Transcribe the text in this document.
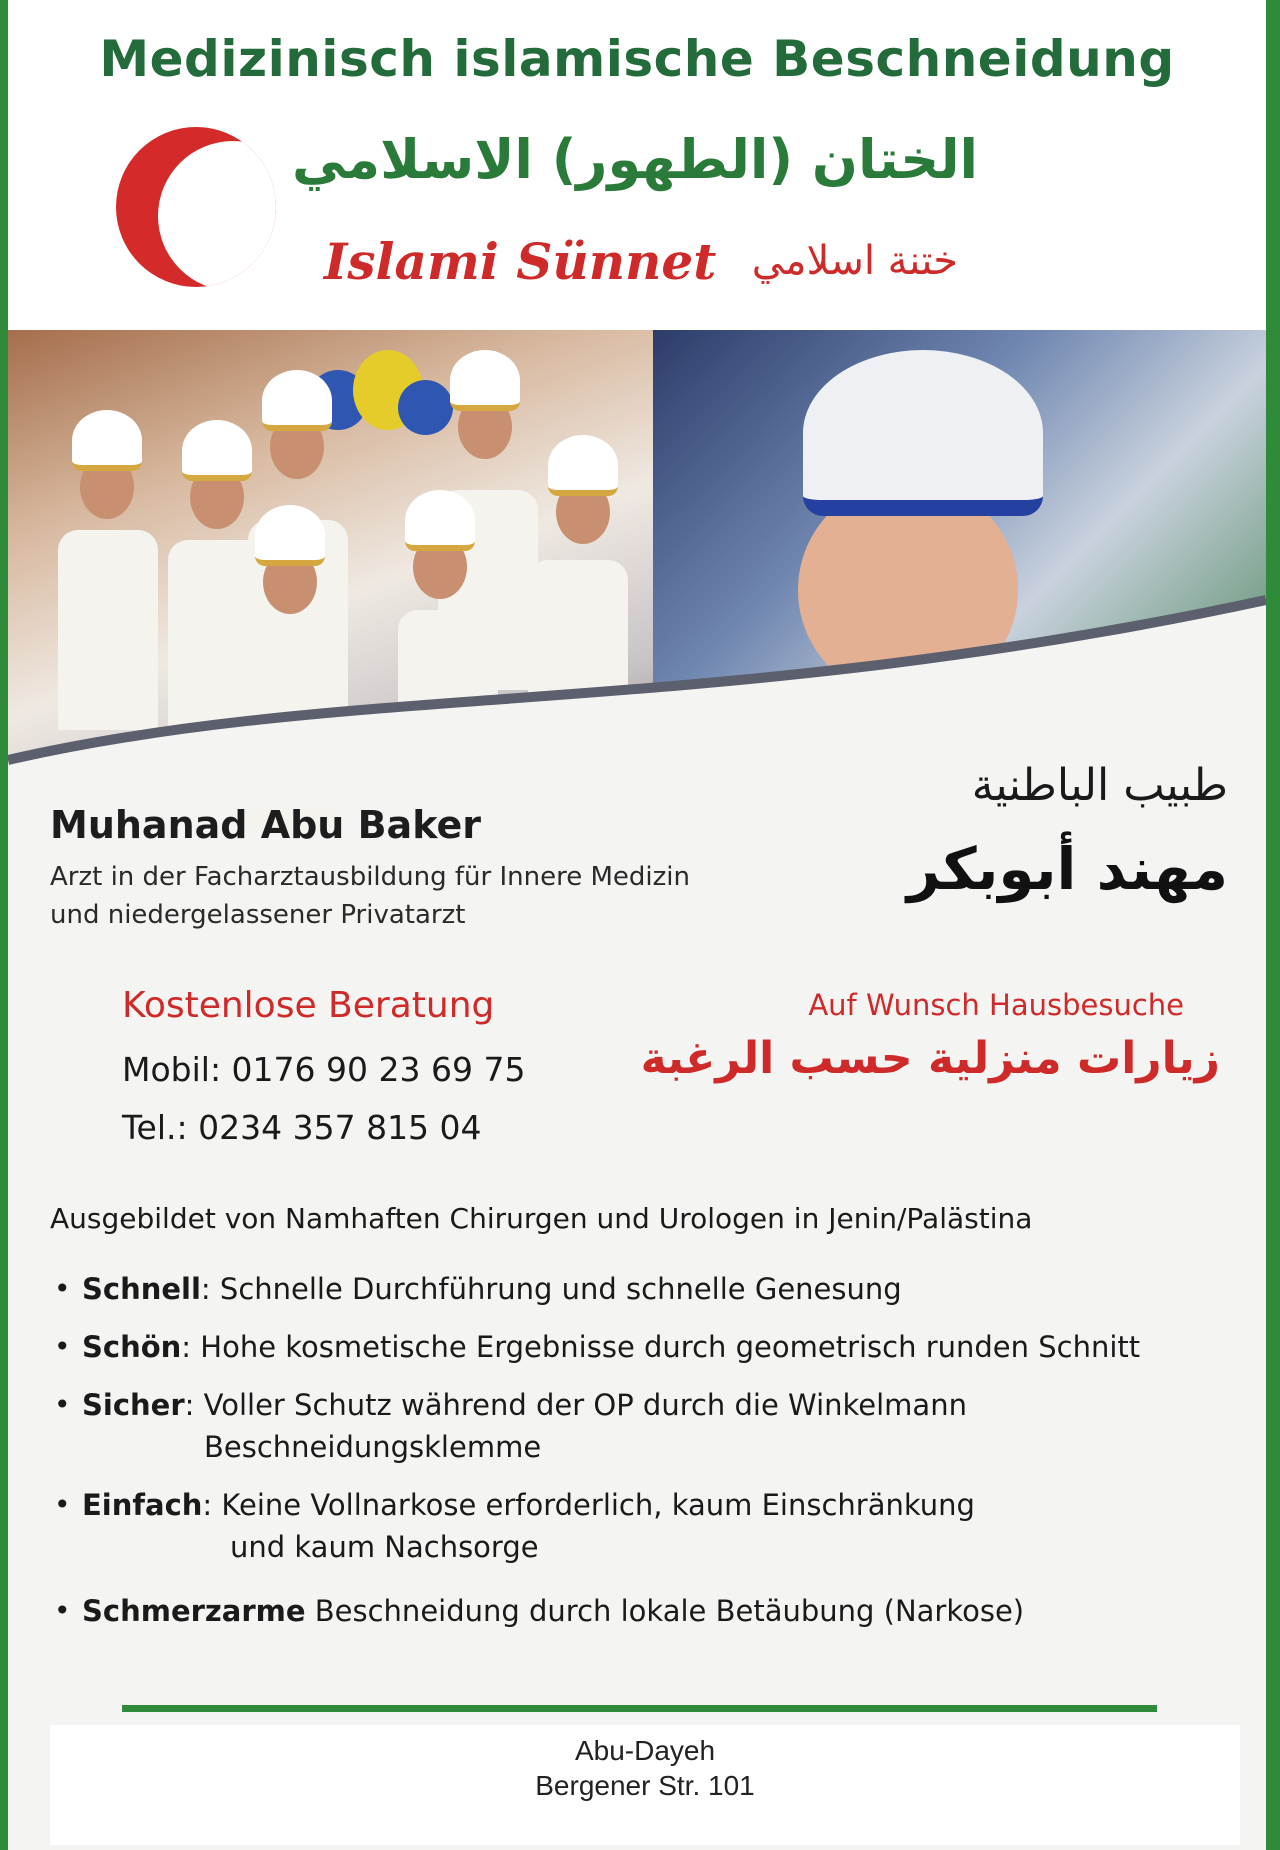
Medizinisch islamische Beschneidung
الختان (الطهور) الاسلامي
Islami Sünnet ختنة اسلامي
Muhanad Abu Baker
Arzt in der Facharztausbildung für Innere Medizin
und niedergelassener Privatarzt
طبيب الباطنية
مهند أبوبكر
Kostenlose Beratung
Mobil: 0176 90 23 69 75
Tel.: 0234 357 815 04
Auf Wunsch Hausbesuche
زيارات منزلية حسب الرغبة
Ausgebildet von Namhaften Chirurgen und Urologen in Jenin/Palästina
• Schnell: Schnelle Durchführung und schnelle Genesung
• Schön: Hohe kosmetische Ergebnisse durch geometrisch runden Schnitt
• Sicher: Voller Schutz während der OP durch die Winkelmann
Beschneidungsklemme
• Einfach: Keine Vollnarkose erforderlich, kaum Einschränkung
und kaum Nachsorge
• Schmerzarme Beschneidung durch lokale Betäubung (Narkose)
Abu-Dayeh
Bergener Str. 101
